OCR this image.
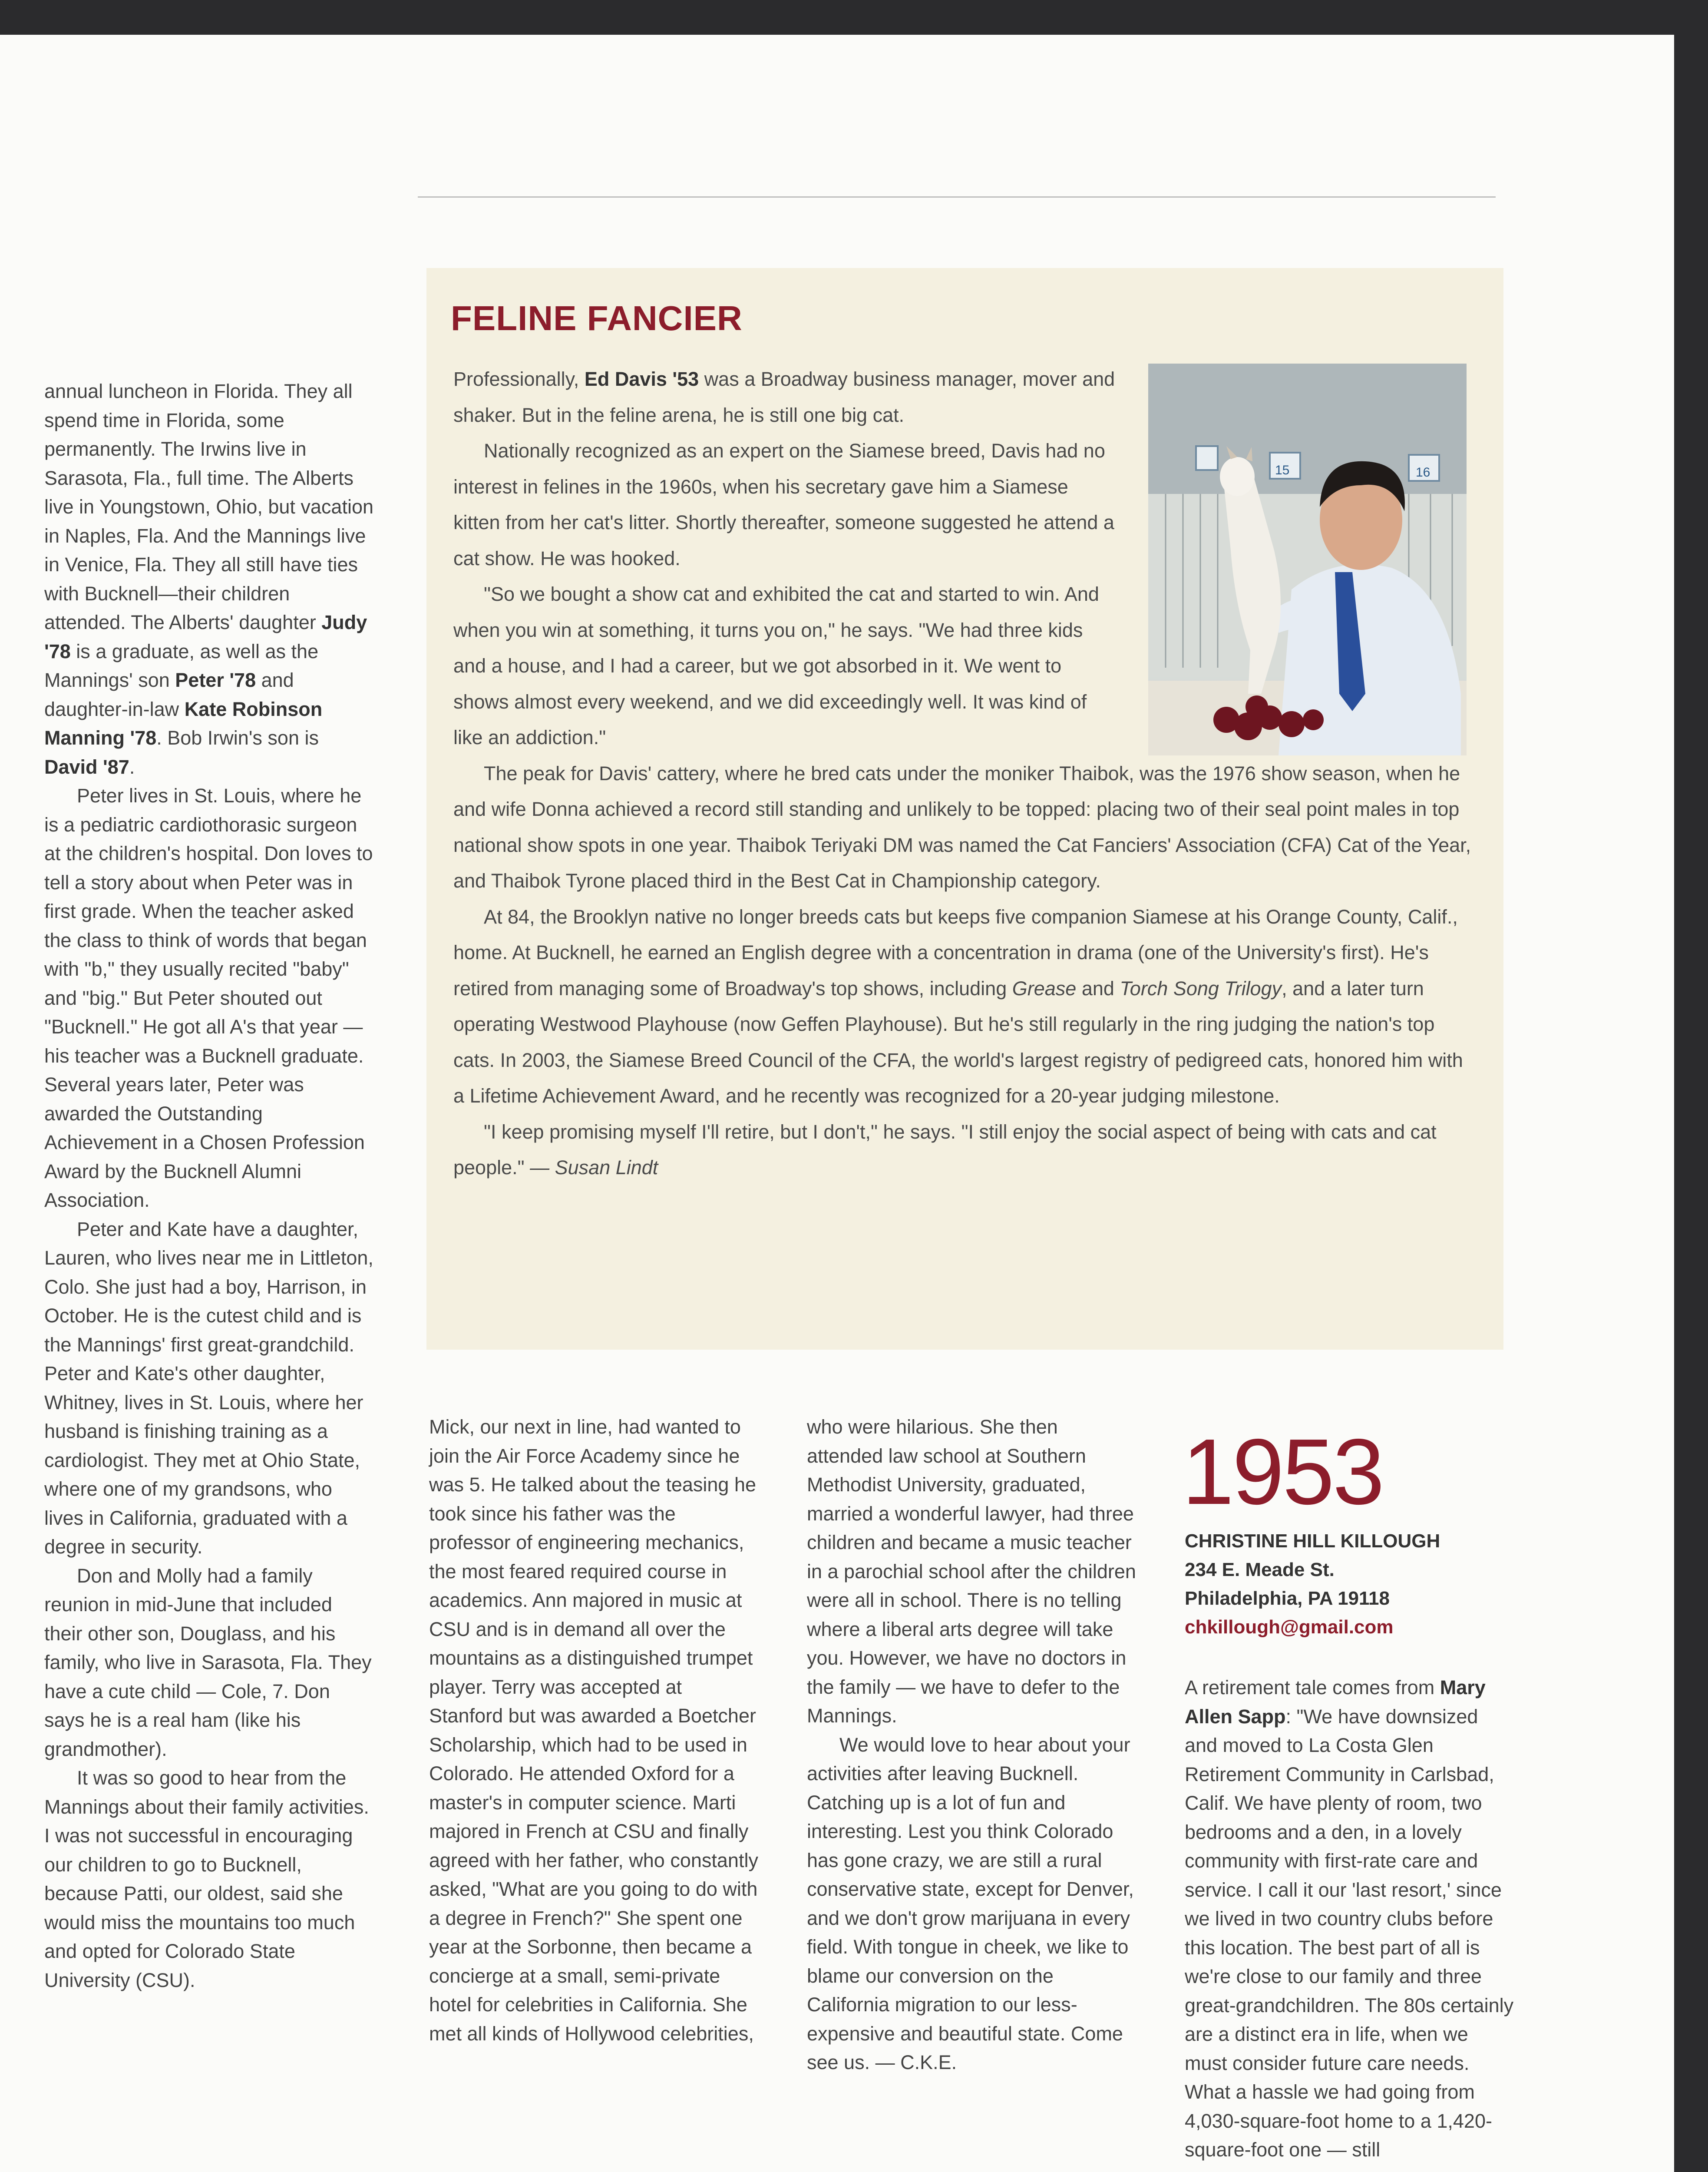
annual luncheon in Florida. They all spend time in Florida, some permanently. The Irwins live in Sarasota, Fla., full time. The Alberts live in Youngstown, Ohio, but vacation in Naples, Fla. And the Mannings live in Venice, Fla. They all still have ties with Bucknell—their children attended. The Alberts' daughter Judy '78 is a graduate, as well as the Mannings' son Peter '78 and daughter-in-law Kate Robinson Manning '78. Bob Irwin's son is David '87.

Peter lives in St. Louis, where he is a pediatric cardiothorasic surgeon at the children's hospital. Don loves to tell a story about when Peter was in first grade. When the teacher asked the class to think of words that began with "b," they usually recited "baby" and "big." But Peter shouted out "Bucknell." He got all A's that year — his teacher was a Bucknell graduate. Several years later, Peter was awarded the Outstanding Achievement in a Chosen Profession Award by the Bucknell Alumni Association.

Peter and Kate have a daughter, Lauren, who lives near me in Littleton, Colo. She just had a boy, Harrison, in October. He is the cutest child and is the Mannings' first great-grandchild. Peter and Kate's other daughter, Whitney, lives in St. Louis, where her husband is finishing training as a cardiologist. They met at Ohio State, where one of my grandsons, who lives in California, graduated with a degree in security.

Don and Molly had a family reunion in mid-June that included their other son, Douglass, and his family, who live in Sarasota, Fla. They have a cute child — Cole, 7. Don says he is a real ham (like his grandmother).

It was so good to hear from the Mannings about their family activities. I was not successful in encouraging our children to go to Bucknell, because Patti, our oldest, said she would miss the mountains too much and opted for Colorado State University (CSU).

FELINE FANCIER
15	16

Professionally, Ed Davis '53 was a Broadway business manager, mover and shaker. But in the feline arena, he is still one big cat.

Nationally recognized as an expert on the Siamese breed, Davis had no interest in felines in the 1960s, when his secretary gave him a Siamese kitten from her cat's litter. Shortly thereafter, someone suggested he attend a cat show. He was hooked.

"So we bought a show cat and exhibited the cat and started to win. And when you win at something, it turns you on," he says. "We had three kids and a house, and I had a career, but we got absorbed in it. We went to shows almost every weekend, and we did exceedingly well. It was kind of like an addiction."

The peak for Davis' cattery, where he bred cats under the moniker Thaibok, was the 1976 show season, when he and wife Donna achieved a record still standing and unlikely to be topped: placing two of their seal point males in top national show spots in one year. Thaibok Teriyaki DM was named the Cat Fanciers' Association (CFA) Cat of the Year, and Thaibok Tyrone placed third in the Best Cat in Championship category.

At 84, the Brooklyn native no longer breeds cats but keeps five companion Siamese at his Orange County, Calif., home. At Bucknell, he earned an English degree with a concentration in drama (one of the University's first). He's retired from managing some of Broadway's top shows, including Grease and Torch Song Trilogy, and a later turn operating Westwood Playhouse (now Geffen Playhouse). But he's still regularly in the ring judging the nation's top cats. In 2003, the Siamese Breed Council of the CFA, the world's largest registry of pedigreed cats, honored him with a Lifetime Achievement Award, and he recently was recognized for a 20-year judging milestone.

"I keep promising myself I'll retire, but I don't," he says. "I still enjoy the social aspect of being with cats and cat people." — Susan Lindt

Mick, our next in line, had wanted to join the Air Force Academy since he was 5. He talked about the teasing he took since his father was the professor of engineering mechanics, the most feared required course in academics. Ann majored in music at CSU and is in demand all over the mountains as a distinguished trumpet player. Terry was accepted at Stanford but was awarded a Boetcher Scholarship, which had to be used in Colorado. He attended Oxford for a master's in computer science. Marti majored in French at CSU and finally agreed with her father, who constantly asked, "What are you going to do with a degree in French?" She spent one year at the Sorbonne, then became a concierge at a small, semi-private hotel for celebrities in California. She met all kinds of Hollywood celebrities,

who were hilarious. She then attended law school at Southern Methodist University, graduated, married a wonderful lawyer, had three children and became a music teacher in a parochial school after the children were all in school. There is no telling where a liberal arts degree will take you. However, we have no doctors in the family — we have to defer to the Mannings.

We would love to hear about your activities after leaving Bucknell. Catching up is a lot of fun and interesting. Lest you think Colorado has gone crazy, we are still a rural conservative state, except for Denver, and we don't grow marijuana in every field. With tongue in cheek, we like to blame our conversion on the California migration to our less-expensive and beautiful state. Come see us. — C.K.E.

1953
CHRISTINE HILL KILLOUGH
234 E. Meade St.
Philadelphia, PA 19118
chkillough@gmail.com

A retirement tale comes from Mary Allen Sapp: "We have downsized and moved to La Costa Glen Retirement Community in Carlsbad, Calif. We have plenty of room, two bedrooms and a den, in a lovely community with first-rate care and service. I call it our 'last resort,' since we lived in two country clubs before this location. The best part of all is we're close to our family and three great-grandchildren. The 80s certainly are a distinct era in life, when we must consider future care needs. What a hassle we had going from 4,030-square-foot home to a 1,420-square-foot one — still
